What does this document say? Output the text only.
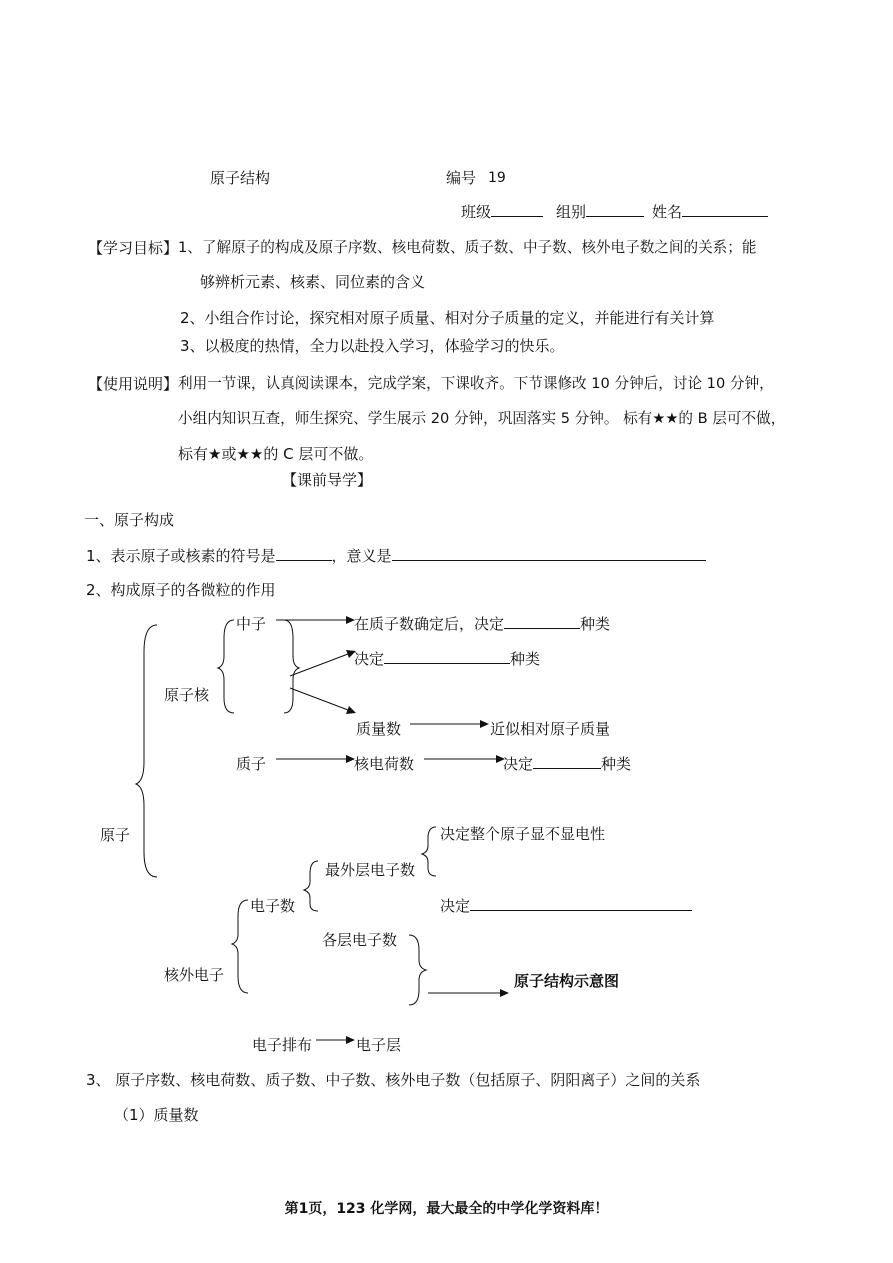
原子结构	编号 19
班级	组别	姓名
【学习目标】 1、了解原子的构成及原子序数、核电荷数、质子数、中子数、核外电子数之间的关系；能
够辨析元素、核素、同位素的含义
2、小组合作讨论，探究相对原子质量、相对分子质量的定义，并能进行有关计算
3、以极度的热情，全力以赴投入学习，体验学习的快乐。
【使用说明】 利用一节课，认真阅读课本，完成学案，下课收齐。下节课修改 10 分钟后，讨论 10 分钟，
小组内知识互查，师生探究、学生展示 20 分钟，巩固落实 5 分钟。 标有★★的 B 层可不做，
标有★或★★的 C 层可不做。
【课前导学】
一、原子构成
1、表示原子或核素的符号是	，意义是
2、构成原子的各微粒的作用
原子
原子核
中子	在质子数确定后，决定	种类
决定	种类
质量数	近似相对原子质量
质子	核电荷数	决定	种类
决定整个原子显不显电性
最外层电子数
电子数	决定
各层电子数
核外电子	原子结构示意图
电子排布	电子层
3、 原子序数、核电荷数、质子数、中子数、核外电子数（包括原子、阴阳离子）之间的关系
（1）质量数
第1页，123 化学网，最大最全的中学化学资料库！
